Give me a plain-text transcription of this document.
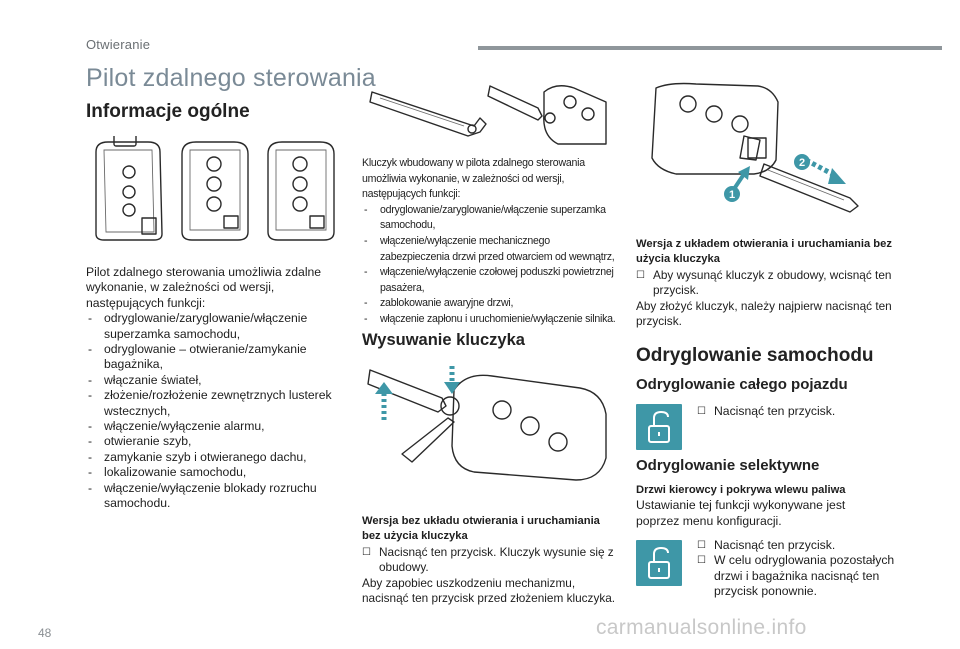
Otwieranie
Pilot zdalnego sterowania
Informacje ogólne
Pilot zdalnego sterowania umożliwia zdalne wykonanie, w zależności od wersji, następujących funkcji:
- odryglowanie/zaryglowanie/włączenie superzamka samochodu,
- odryglowanie – otwieranie/zamykanie bagażnika,
- włączanie świateł,
- złożenie/rozłożenie zewnętrznych lusterek wstecznych,
- włączenie/wyłączenie alarmu,
- otwieranie szyb,
- zamykanie szyb i otwieranego dachu,
- lokalizowanie samochodu,
- włączenie/wyłączenie blokady rozruchu samochodu.
Kluczyk wbudowany w pilota zdalnego sterowania umożliwia wykonanie, w zależności od wersji, następujących funkcji:
- odryglowanie/zaryglowanie/włączenie superzamka samochodu,
- włączenie/wyłączenie mechanicznego zabezpieczenia drzwi przed otwarciem od wewnątrz,
- włączenie/wyłączenie czołowej poduszki powietrznej pasażera,
- zablokowanie awaryjne drzwi,
- włączenie zapłonu i uruchomienie/wyłączenie silnika.
Wysuwanie kluczyka
Wersja bez układu otwierania i uruchamiania bez użycia kluczyka
☐ Nacisnąć ten przycisk. Kluczyk wysunie się z obudowy.
Aby zapobiec uszkodzeniu mechanizmu, nacisnąć ten przycisk przed złożeniem kluczyka.
1
2
Wersja z układem otwierania i uruchamiania bez użycia kluczyka
☐ Aby wysunąć kluczyk z obudowy, wcisnąć ten przycisk.
Aby złożyć kluczyk, należy najpierw nacisnąć ten przycisk.
Odryglowanie samochodu
Odryglowanie całego pojazdu
☐ Nacisnąć ten przycisk.
Odryglowanie selektywne
Drzwi kierowcy i pokrywa wlewu paliwa
Ustawianie tej funkcji wykonywane jest poprzez menu konfiguracji.
☐ Nacisnąć ten przycisk.
☐ W celu odryglowania pozostałych drzwi i bagażnika nacisnąć ten przycisk ponownie.
48	carmanualsonline.info
